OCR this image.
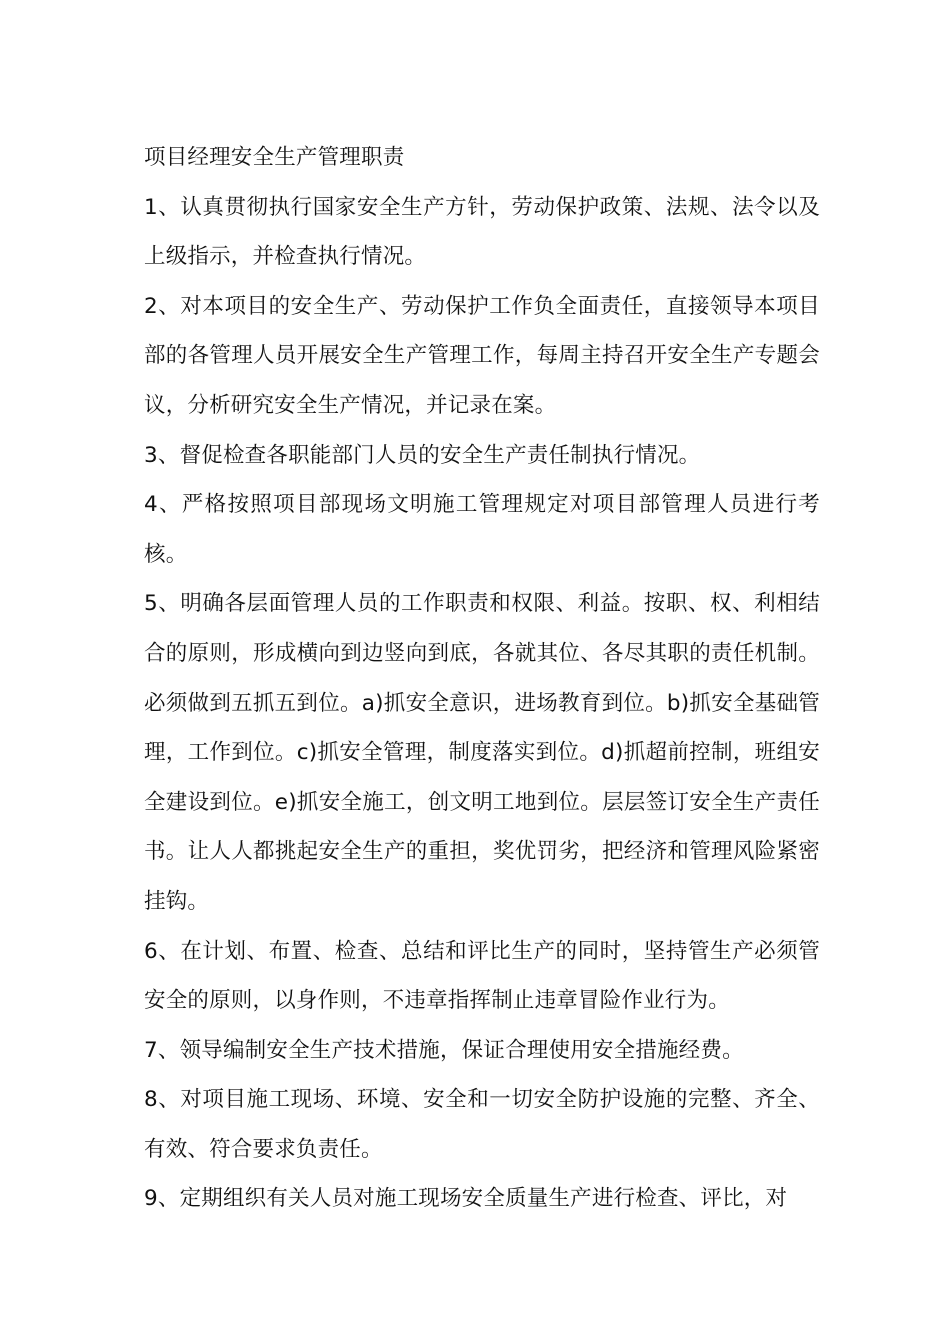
项目经理安全生产管理职责

1、认真贯彻执行国家安全生产方针，劳动保护政策、法规、法令以及上级指示，并检查执行情况。

2、对本项目的安全生产、劳动保护工作负全面责任，直接领导本项目部的各管理人员开展安全生产管理工作，每周主持召开安全生产专题会议，分析研究安全生产情况，并记录在案。

3、督促检查各职能部门人员的安全生产责任制执行情况。

4、严格按照项目部现场文明施工管理规定对项目部管理人员进行考核。

5、明确各层面管理人员的工作职责和权限、利益。按职、权、利相结合的原则，形成横向到边竖向到底，各就其位、各尽其职的责任机制。必须做到五抓五到位。a)抓安全意识，进场教育到位。b)抓安全基础管理，工作到位。c)抓安全管理，制度落实到位。d)抓超前控制，班组安全建设到位。e)抓安全施工，创文明工地到位。层层签订安全生产责任书。让人人都挑起安全生产的重担，奖优罚劣，把经济和管理风险紧密挂钩。

6、在计划、布置、检查、总结和评比生产的同时，坚持管生产必须管安全的原则，以身作则，不违章指挥制止违章冒险作业行为。

7、领导编制安全生产技术措施，保证合理使用安全措施经费。

8、对项目施工现场、环境、安全和一切安全防护设施的完整、齐全、有效、符合要求负责任。

9、定期组织有关人员对施工现场安全质量生产进行检查、评比，对
